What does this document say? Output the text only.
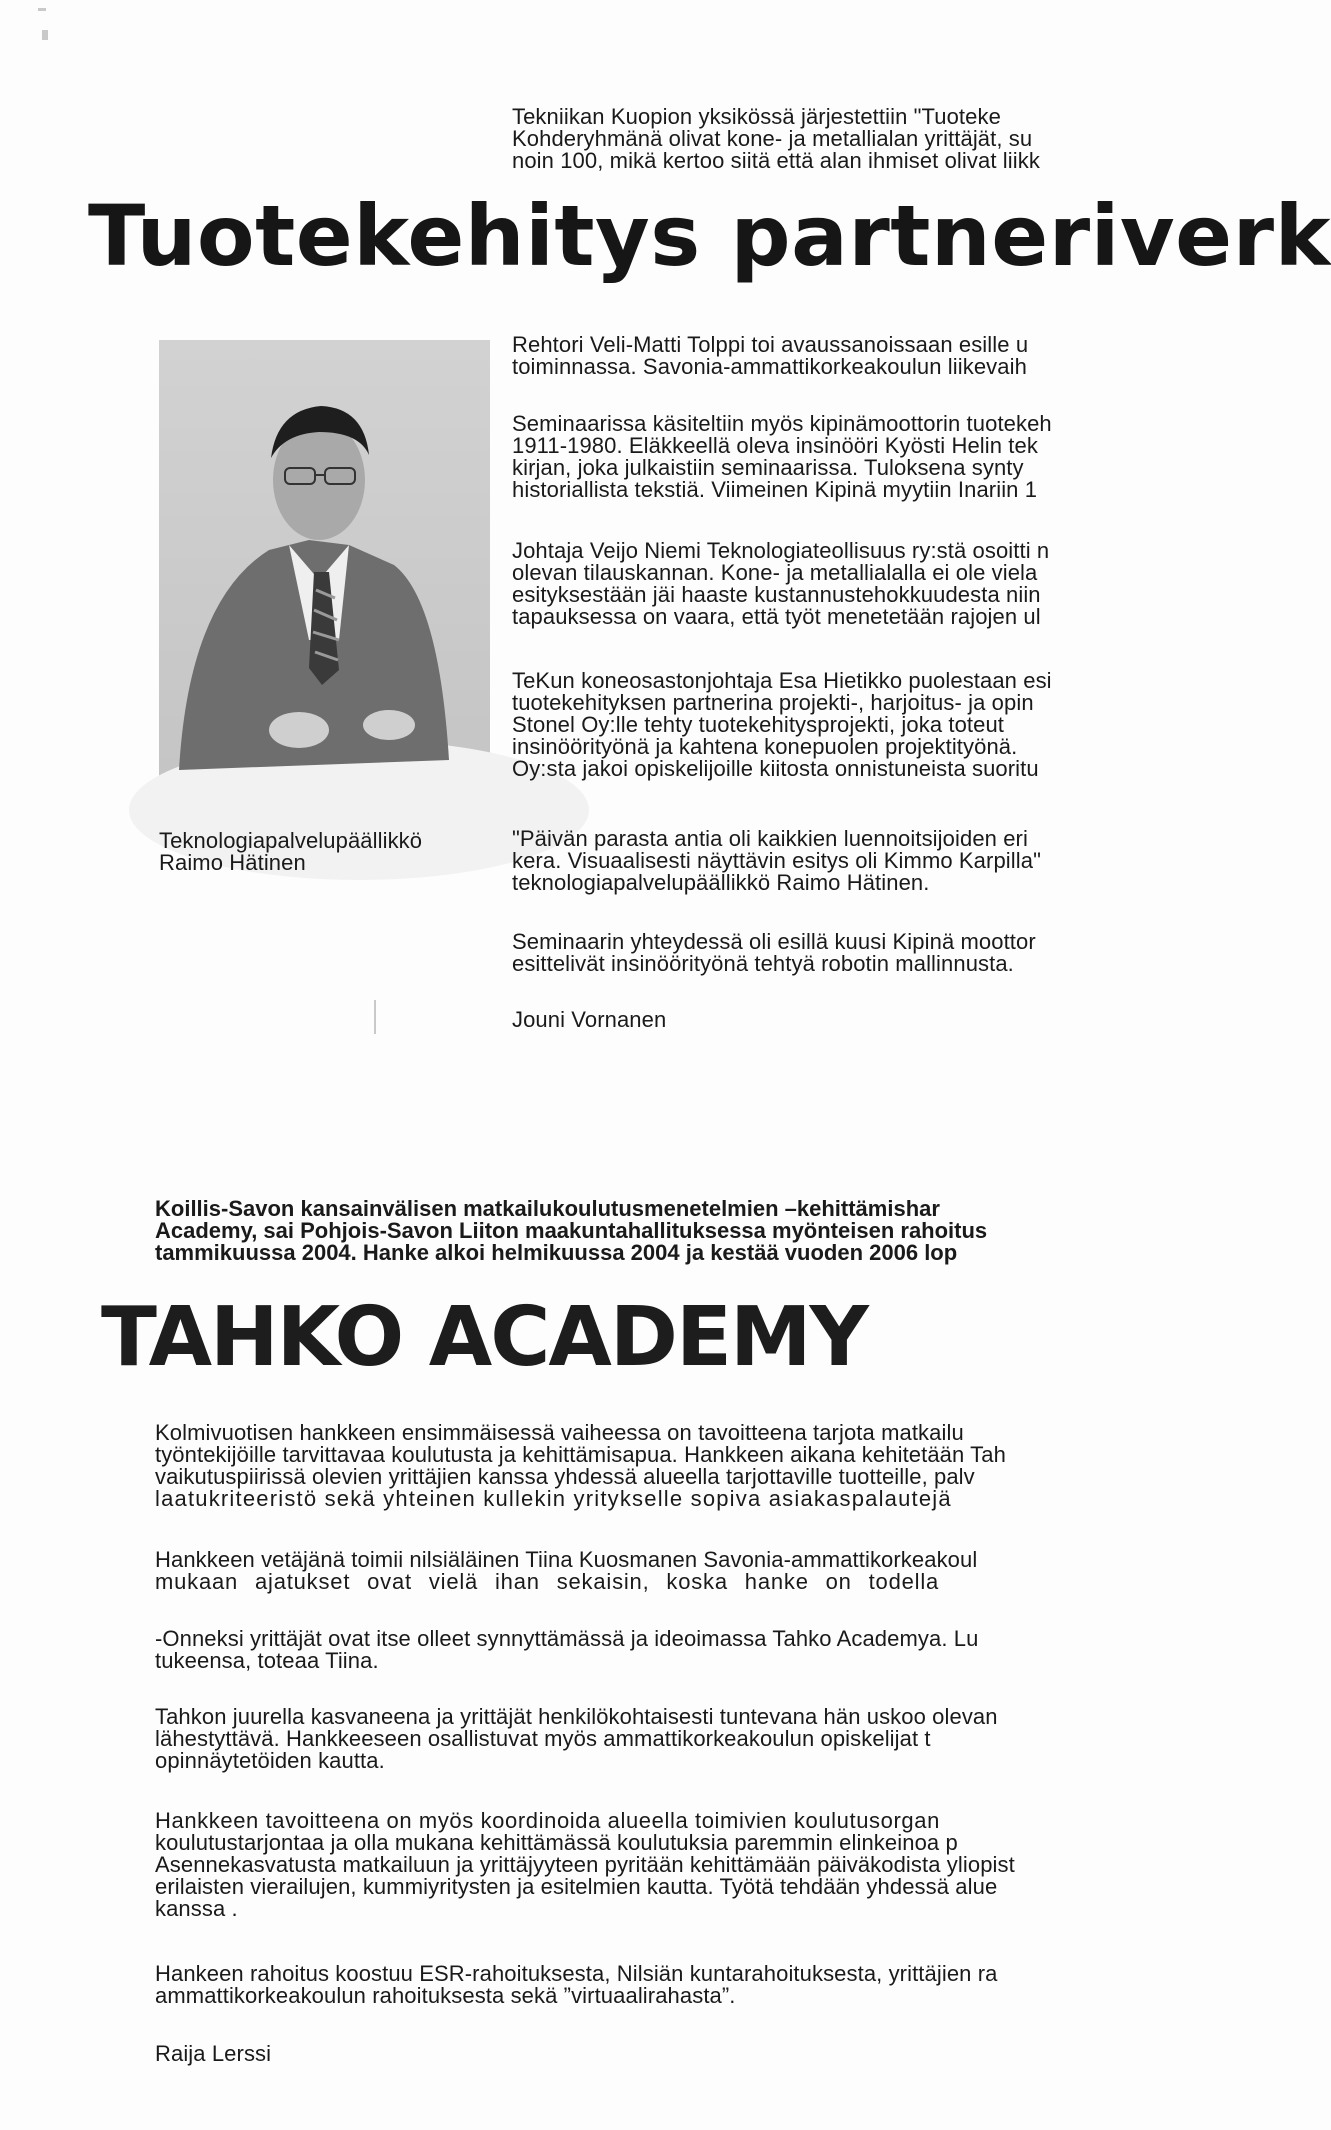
Tekniikan Kuopion yksikössä järjestettiin "Tuoteke
Kohderyhmänä olivat kone- ja metallialan yrittäjät, su
noin 100, mikä kertoo siitä että alan ihmiset olivat liikk
Tuotekehitys partneriverk
Teknologiapalvelupäällikkö
Raimo Hätinen
Rehtori Veli-Matti Tolppi toi avaussanoissaan esille u
toiminnassa. Savonia-ammattikorkeakoulun liikevaih
Seminaarissa käsiteltiin myös kipinämoottorin tuotekeh
1911-1980. Eläkkeellä oleva insinööri Kyösti Helin tek
kirjan, joka julkaistiin seminaarissa. Tuloksena synty
historiallista tekstiä. Viimeinen Kipinä myytiin Inariin 1
Johtaja Veijo Niemi Teknologiateollisuus ry:stä osoitti n
olevan tilauskannan. Kone- ja metallialalla ei ole viela
esityksestään jäi haaste kustannustehokkuudesta niin
tapauksessa on vaara, että työt menetetään rajojen ul
TeKun koneosastonjohtaja Esa Hietikko puolestaan esi
tuotekehityksen partnerina projekti-, harjoitus- ja opin
Stonel Oy:lle tehty tuotekehitysprojekti, joka toteut
insinöörityönä ja kahtena konepuolen projektityönä.
Oy:sta jakoi opiskelijoille kiitosta onnistuneista suoritu
"Päivän parasta antia oli kaikkien luennoitsijoiden eri
kera. Visuaalisesti näyttävin esitys oli Kimmo Karpilla"
teknologiapalvelupäällikkö Raimo Hätinen.
Seminaarin yhteydessä oli esillä kuusi Kipinä moottor
esittelivät insinöörityönä tehtyä robotin mallinnusta.
Jouni Vornanen
Koillis-Savon kansainvälisen matkailukoulutusmenetelmien –kehittämishar
Academy, sai Pohjois-Savon Liiton maakuntahallituksessa myönteisen rahoitus
tammikuussa 2004. Hanke alkoi helmikuussa 2004 ja kestää vuoden 2006 lop
TAHKO ACADEMY
Kolmivuotisen hankkeen ensimmäisessä vaiheessa on tavoitteena tarjota matkailu
työntekijöille tarvittavaa koulutusta ja kehittämisapua. Hankkeen aikana kehitetään Tah
vaikutuspiirissä olevien yrittäjien kanssa yhdessä alueella tarjottaville tuotteille, palv
laatukriteeristö sekä yhteinen kullekin yritykselle sopiva asiakaspalautejä
Hankkeen vetäjänä toimii nilsiäläinen Tiina Kuosmanen Savonia-ammattikorkeakoul
mukaan ajatukset ovat vielä ihan sekaisin, koska hanke on todella
-Onneksi yrittäjät ovat itse olleet synnyttämässä ja ideoimassa Tahko Academya. Lu
tukeensa, toteaa Tiina.
Tahkon juurella kasvaneena ja yrittäjät henkilökohtaisesti tuntevana hän uskoo olevan
lähestyttävä. Hankkeeseen osallistuvat myös ammattikorkeakoulun opiskelijat t
opinnäytetöiden kautta.
Hankkeen tavoitteena on myös koordinoida alueella toimivien koulutusorgan
koulutustarjontaa ja olla mukana kehittämässä koulutuksia paremmin elinkeinoa p
Asennekasvatusta matkailuun ja yrittäjyyteen pyritään kehittämään päiväkodista yliopist
erilaisten vierailujen, kummiyritysten ja esitelmien kautta. Työtä tehdään yhdessä alue
kanssa .
Hankeen rahoitus koostuu ESR-rahoituksesta, Nilsiän kuntarahoituksesta, yrittäjien ra
ammattikorkeakoulun rahoituksesta sekä ”virtuaalirahasta”.
Raija Lerssi
